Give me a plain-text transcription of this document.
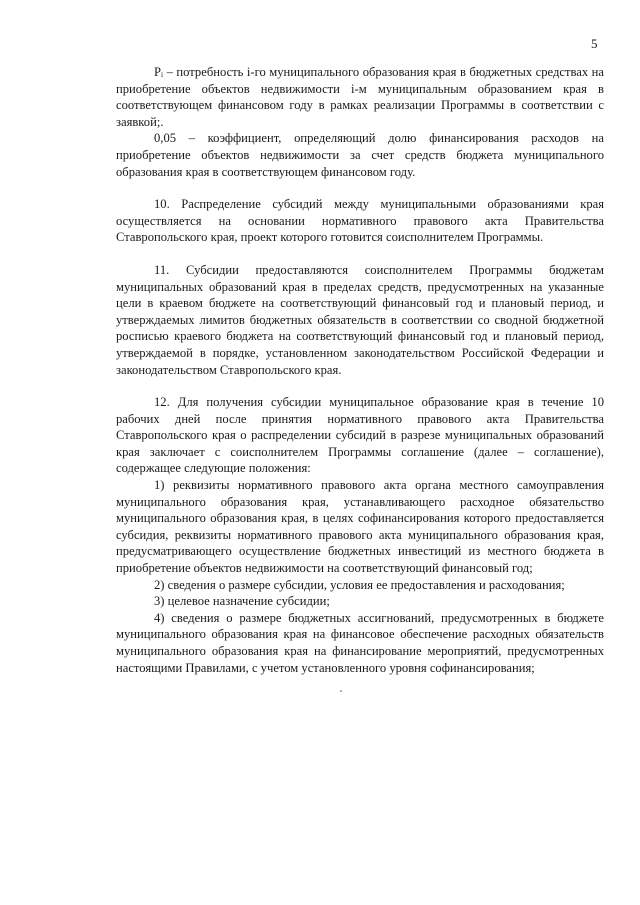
5

Pᵢ – потребность i-го муниципального образования края в бюджетных средствах на приобретение объектов недвижимости i-м муниципальным образованием края в соответствующем финансовом году в рамках реализации Программы в соответствии с заявкой;.

0,05 – коэффициент, определяющий долю финансирования расходов на приобретение объектов недвижимости за счет средств бюджета муниципального образования края в соответствующем финансовом году.

10. Распределение субсидий между муниципальными образованиями края осуществляется на основании нормативного правового акта Правительства Ставропольского края, проект которого готовится соисполнителем Программы.

11. Субсидии предоставляются соисполнителем Программы бюджетам муниципальных образований края в пределах средств, предусмотренных на указанные цели в краевом бюджете на соответствующий финансовый год и плановый период, и утверждаемых лимитов бюджетных обязательств в соответствии со сводной бюджетной росписью краевого бюджета на соответствующий финансовый год и плановый период, утверждаемой в порядке, установленном законодательством Российской Федерации и законодательством Ставропольского края.

12. Для получения субсидии муниципальное образование края в течение 10 рабочих дней после принятия нормативного правового акта Правительства Ставропольского края о распределении субсидий в разрезе муниципальных образований края заключает с соисполнителем Программы соглашение (далее – соглашение), содержащее следующие положения:

1) реквизиты нормативного правового акта органа местного самоуправления муниципального образования края, устанавливающего расходное обязательство муниципального образования края, в целях софинансирования которого предоставляется субсидия, реквизиты нормативного правового акта муниципального образования края, предусматривающего осуществление бюджетных инвестиций из местного бюджета в приобретение объектов недвижимости на соответствующий финансовый год;

2) сведения о размере субсидии, условия ее предоставления и расходования;

3) целевое назначение субсидии;

4) сведения о размере бюджетных ассигнований, предусмотренных в бюджете муниципального образования края на финансовое обеспечение расходных обязательств муниципального образования края на финансирование мероприятий, предусмотренных настоящими Правилами, с учетом установленного уровня софинансирования;
